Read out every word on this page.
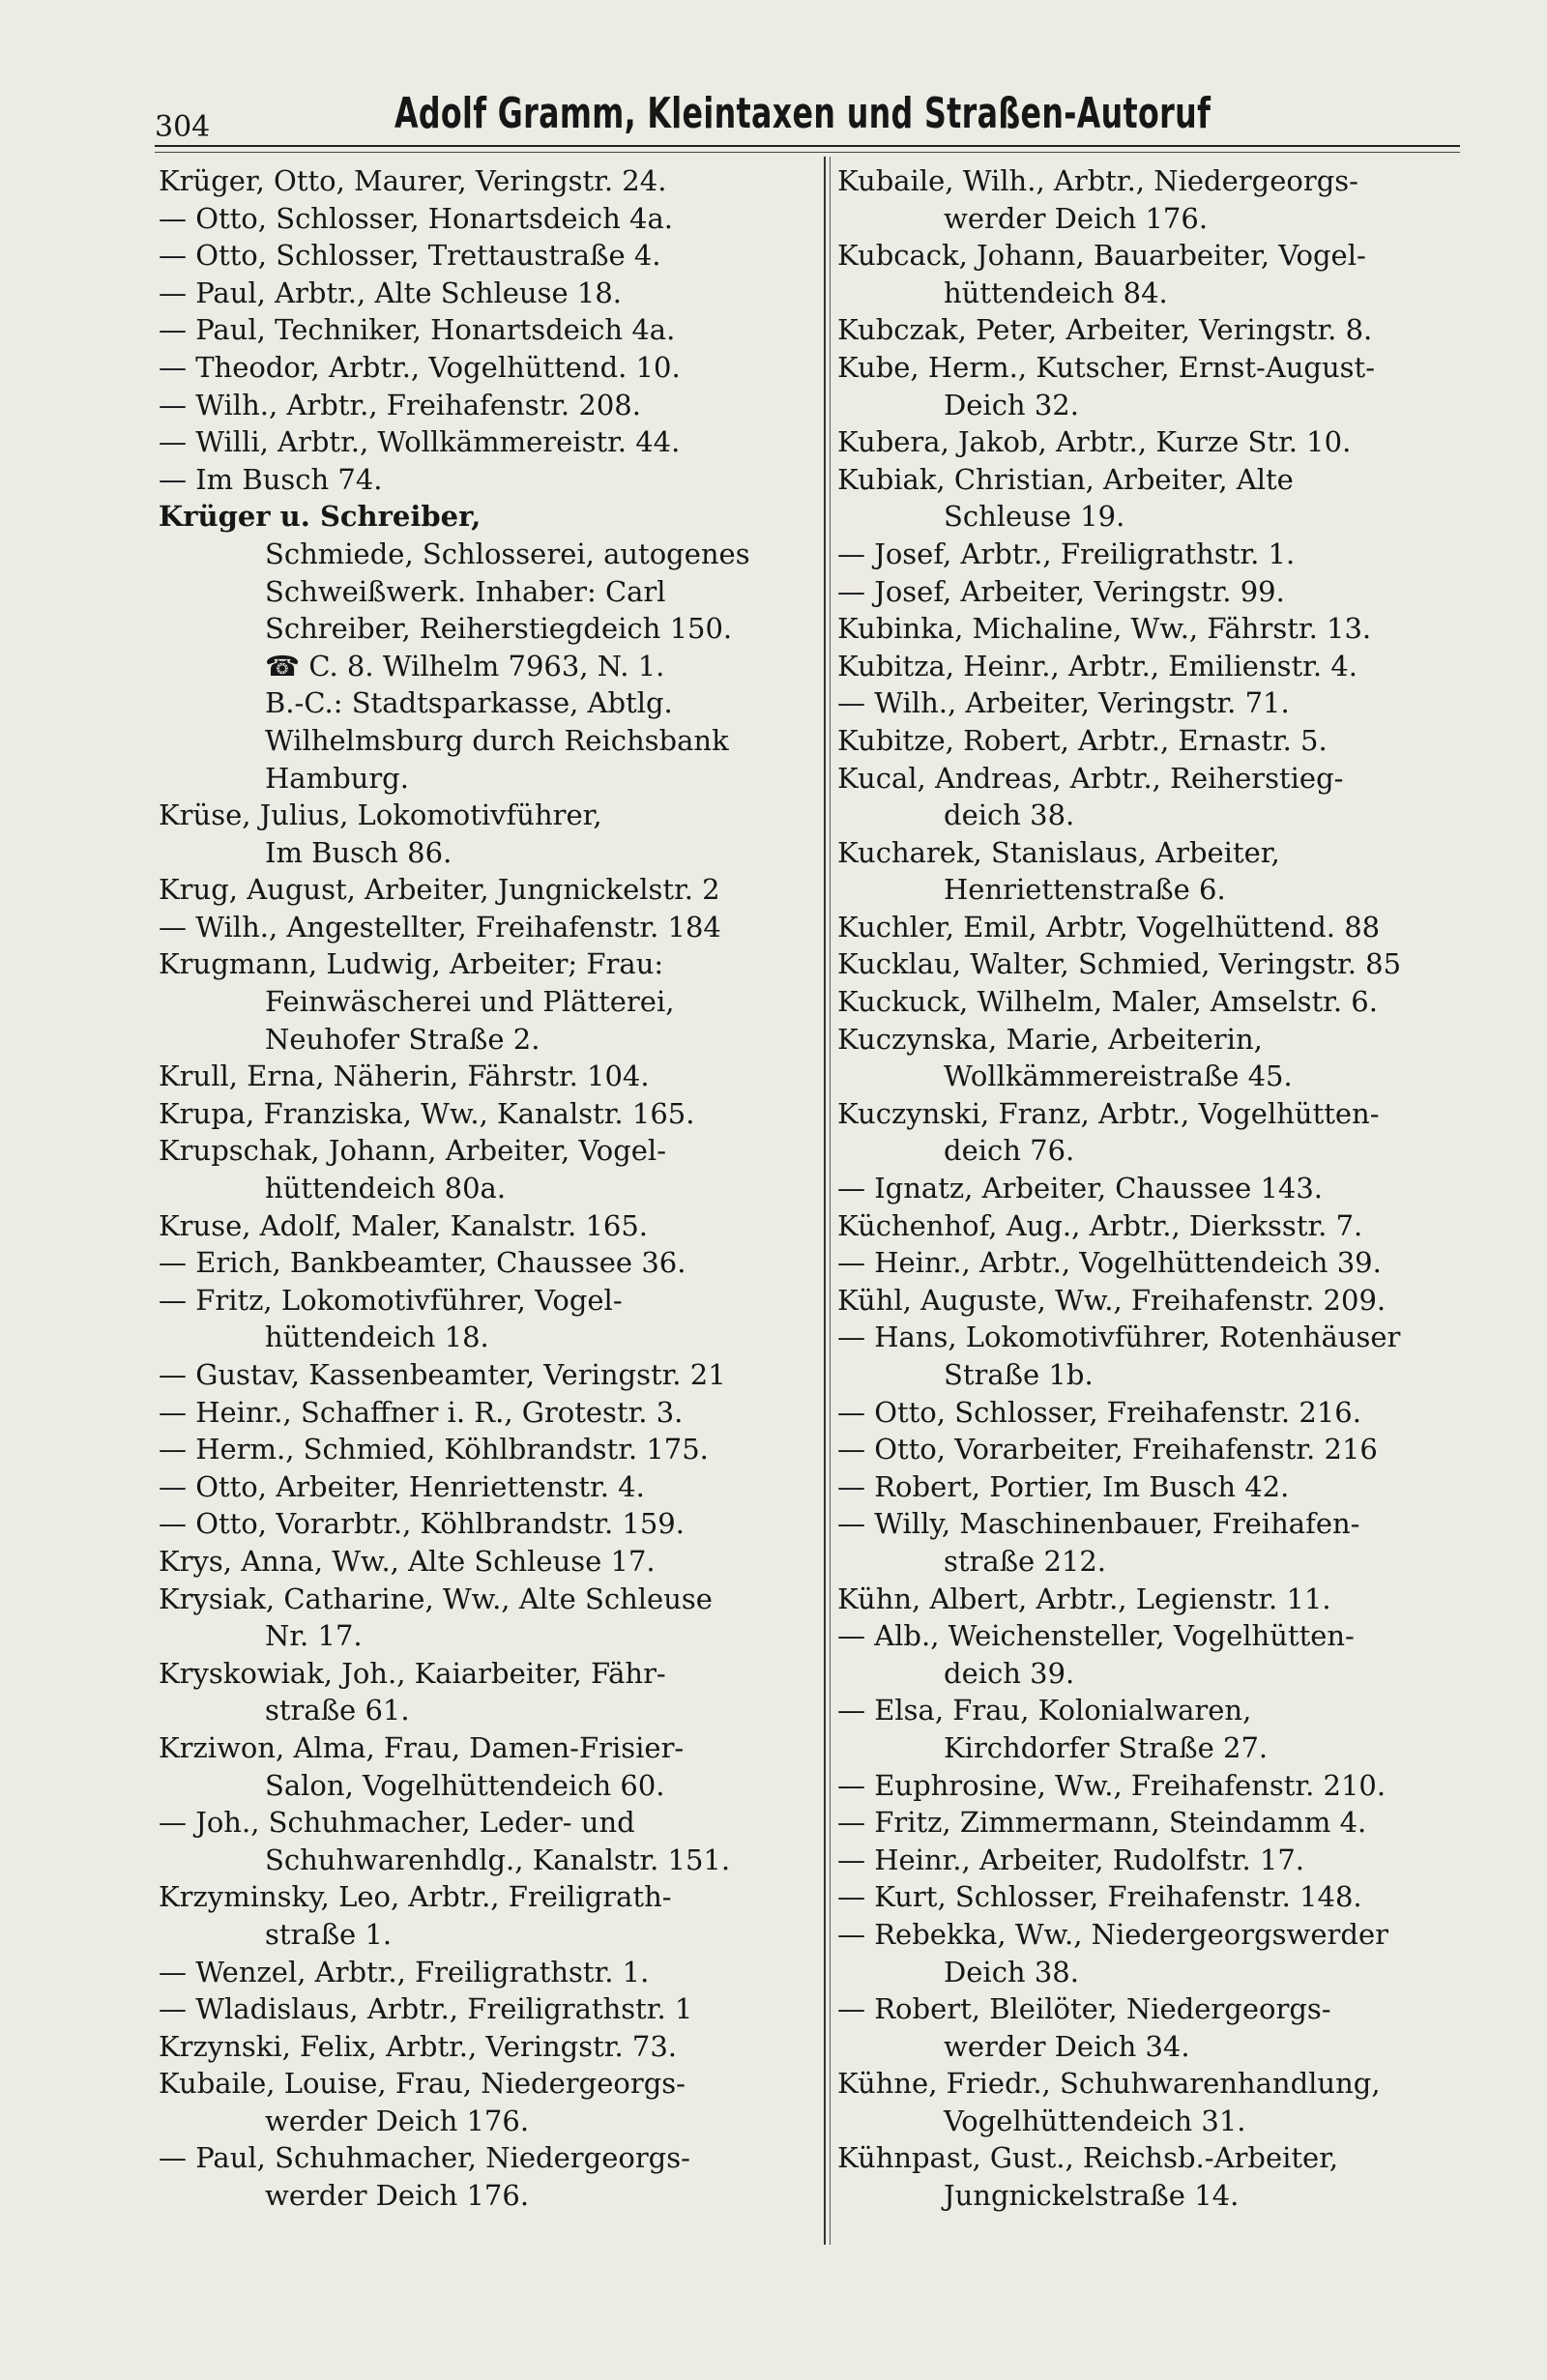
304	Adolf Gramm, Kleintaxen und Straßen-Autoruf
Krüger, Otto, Maurer, Veringstr. 24.
— Otto, Schlosser, Honartsdeich 4a.
— Otto, Schlosser, Trettaustraße 4.
— Paul, Arbtr., Alte Schleuse 18.
— Paul, Techniker, Honartsdeich 4a.
— Theodor, Arbtr., Vogelhüttend. 10.
— Wilh., Arbtr., Freihafenstr. 208.
— Willi, Arbtr., Wollkämmereistr. 44.
— Im Busch 74.
Krüger u. Schreiber,
Schmiede, Schlosserei, autogenes
Schweißwerk. Inhaber: Carl
Schreiber, Reiherstiegdeich 150.
☎ C. 8. Wilhelm 7963, N. 1.
B.-C.: Stadtsparkasse, Abtlg.
Wilhelmsburg durch Reichsbank
Hamburg.
Krüse, Julius, Lokomotivführer,
Im Busch 86.
Krug, August, Arbeiter, Jungnickelstr. 2
— Wilh., Angestellter, Freihafenstr. 184
Krugmann, Ludwig, Arbeiter; Frau:
Feinwäscherei und Plätterei,
Neuhofer Straße 2.
Krull, Erna, Näherin, Fährstr. 104.
Krupa, Franziska, Ww., Kanalstr. 165.
Krupschak, Johann, Arbeiter, Vogel-
hüttendeich 80a.
Kruse, Adolf, Maler, Kanalstr. 165.
— Erich, Bankbeamter, Chaussee 36.
— Fritz, Lokomotivführer, Vogel-
hüttendeich 18.
— Gustav, Kassenbeamter, Veringstr. 21
— Heinr., Schaffner i. R., Grotestr. 3.
— Herm., Schmied, Köhlbrandstr. 175.
— Otto, Arbeiter, Henriettenstr. 4.
— Otto, Vorarbtr., Köhlbrandstr. 159.
Krys, Anna, Ww., Alte Schleuse 17.
Krysiak, Catharine, Ww., Alte Schleuse
Nr. 17.
Kryskowiak, Joh., Kaiarbeiter, Fähr-
straße 61.
Krziwon, Alma, Frau, Damen-Frisier-
Salon, Vogelhüttendeich 60.
— Joh., Schuhmacher, Leder- und
Schuhwarenhdlg., Kanalstr. 151.
Krzyminsky, Leo, Arbtr., Freiligrath-
straße 1.
— Wenzel, Arbtr., Freiligrathstr. 1.
— Wladislaus, Arbtr., Freiligrathstr. 1
Krzynski, Felix, Arbtr., Veringstr. 73.
Kubaile, Louise, Frau, Niedergeorgs-
werder Deich 176.
— Paul, Schuhmacher, Niedergeorgs-
werder Deich 176.
Kubaile, Wilh., Arbtr., Niedergeorgs-
werder Deich 176.
Kubcack, Johann, Bauarbeiter, Vogel-
hüttendeich 84.
Kubczak, Peter, Arbeiter, Veringstr. 8.
Kube, Herm., Kutscher, Ernst-August-
Deich 32.
Kubera, Jakob, Arbtr., Kurze Str. 10.
Kubiak, Christian, Arbeiter, Alte
Schleuse 19.
— Josef, Arbtr., Freiligrathstr. 1.
— Josef, Arbeiter, Veringstr. 99.
Kubinka, Michaline, Ww., Fährstr. 13.
Kubitza, Heinr., Arbtr., Emilienstr. 4.
— Wilh., Arbeiter, Veringstr. 71.
Kubitze, Robert, Arbtr., Ernastr. 5.
Kucal, Andreas, Arbtr., Reiherstieg-
deich 38.
Kucharek, Stanislaus, Arbeiter,
Henriettenstraße 6.
Kuchler, Emil, Arbtr, Vogelhüttend. 88
Kucklau, Walter, Schmied, Veringstr. 85
Kuckuck, Wilhelm, Maler, Amselstr. 6.
Kuczynska, Marie, Arbeiterin,
Wollkämmereistraße 45.
Kuczynski, Franz, Arbtr., Vogelhütten-
deich 76.
— Ignatz, Arbeiter, Chaussee 143.
Küchenhof, Aug., Arbtr., Dierksstr. 7.
— Heinr., Arbtr., Vogelhüttendeich 39.
Kühl, Auguste, Ww., Freihafenstr. 209.
— Hans, Lokomotivführer, Rotenhäuser
Straße 1b.
— Otto, Schlosser, Freihafenstr. 216.
— Otto, Vorarbeiter, Freihafenstr. 216
— Robert, Portier, Im Busch 42.
— Willy, Maschinenbauer, Freihafen-
straße 212.
Kühn, Albert, Arbtr., Legienstr. 11.
— Alb., Weichensteller, Vogelhütten-
deich 39.
— Elsa, Frau, Kolonialwaren,
Kirchdorfer Straße 27.
— Euphrosine, Ww., Freihafenstr. 210.
— Fritz, Zimmermann, Steindamm 4.
— Heinr., Arbeiter, Rudolfstr. 17.
— Kurt, Schlosser, Freihafenstr. 148.
— Rebekka, Ww., Niedergeorgswerder
Deich 38.
— Robert, Bleilöter, Niedergeorgs-
werder Deich 34.
Kühne, Friedr., Schuhwarenhandlung,
Vogelhüttendeich 31.
Kühnpast, Gust., Reichsb.-Arbeiter,
Jungnickelstraße 14.
